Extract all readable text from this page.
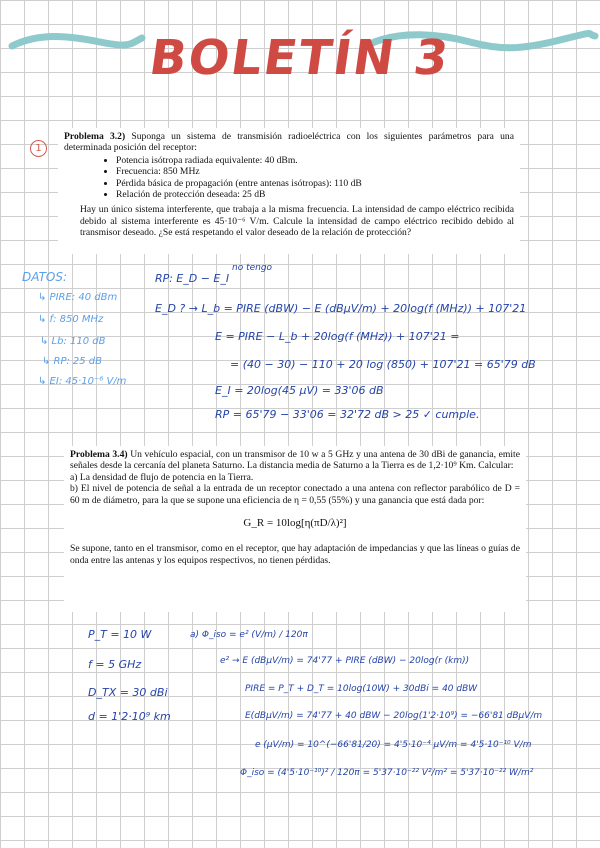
BOLETÍN 3
1
Problema 3.2) Suponga un sistema de transmisión radioeléctrica con los siguientes parámetros para una determinada posición del receptor:
• Potencia isótropa radiada equivalente: 40 dBm.
• Frecuencia: 850 MHz
• Pérdida básica de propagación (entre antenas isótropas): 110 dB
• Relación de protección deseada: 25 dB
Hay un único sistema interferente, que trabaja a la misma frecuencia. La intensidad de campo eléctrico recibida debido al sistema interferente es 45·10⁻⁶ V/m. Calcule la intensidad de campo eléctrico recibido debido al transmisor deseado. ¿Se está respetando el valor deseado de la relación de protección?
DATOS:
↳ PIRE: 40 dBm
↳ f: 850 MHz
↳ Lb: 110 dB
↳ RP: 25 dB
↳ EI: 45·10⁻⁶ V/m
RP: E_D − E_I
no tengo
E_D ? → L_b = PIRE (dBW) − E (dBμV/m) + 20log(f (MHz)) + 107'21
E = PIRE − L_b + 20log(f (MHz)) + 107'21 =
= (40 − 30) − 110 + 20 log (850) + 107'21 = 65'79 dB
E_I = 20log(45 μV) = 33'06 dB
RP = 65'79 − 33'06 = 32'72 dB > 25 ✓ cumple.
Problema 3.4) Un vehículo espacial, con un transmisor de 10 w a 5 GHz y una antena de 30 dBi de ganancia, emite señales desde la cercanía del planeta Saturno. La distancia media de Saturno a la Tierra es de 1,2·10⁹ Km. Calcular:
a) La densidad de flujo de potencia en la Tierra.
b) El nivel de potencia de señal a la entrada de un receptor conectado a una antena con reflector parabólico de D = 60 m de diámetro, para la que se supone una eficiencia de η = 0,55 (55%) y una ganancia que está dada por:
G_R = 10log[η(πD/λ)²]
Se supone, tanto en el transmisor, como en el receptor, que hay adaptación de impedancias y que las líneas o guías de onda entre las antenas y los equipos respectivos, no tienen pérdidas.
P_T = 10 W
f = 5 GHz
D_TX = 30 dBi
d = 1'2·10⁹ km
a) Φ_iso = e² (V/m) / 120π
e² → E (dBμV/m) = 74'77 + PIRE (dBW) − 20log(r (km))
PIRE = P_T + D_T = 10log(10W) + 30dBi = 40 dBW
E(dBμV/m) = 74'77 + 40 dBW − 20log(1'2·10⁹) = −66'81 dBμV/m
e (μV/m) = 10^(−66'81/20) = 4'5·10⁻⁴ μV/m = 4'5·10⁻¹⁰ V/m
Φ_iso = (4'5·10⁻¹⁰)² / 120π = 5'37·10⁻²² V²/m² = 5'37·10⁻²² W/m²
